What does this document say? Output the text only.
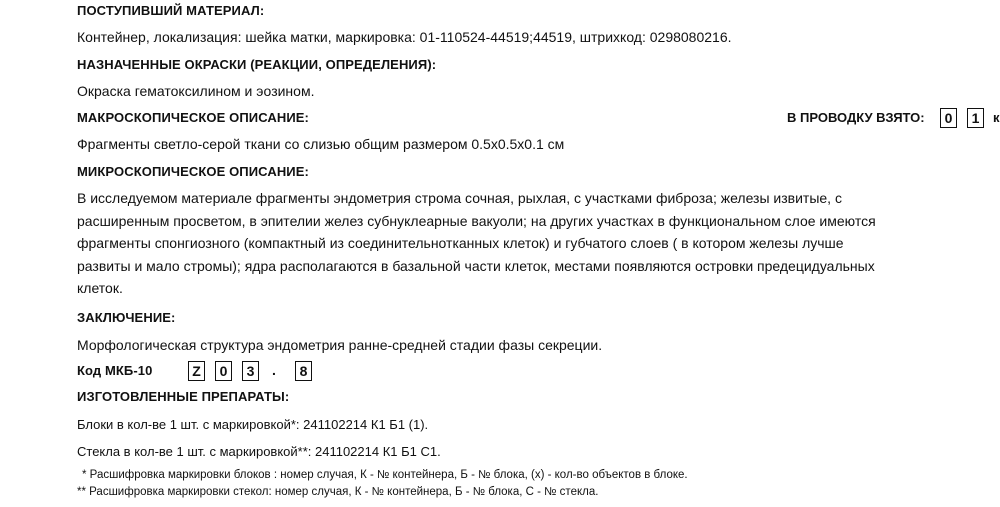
ПОСТУПИВШИЙ МАТЕРИАЛ:
Контейнер, локализация: шейка матки, маркировка: 01-110524-44519;44519, штрихкод: 0298080216.
НАЗНАЧЕННЫЕ ОКРАСКИ (РЕАКЦИИ, ОПРЕДЕЛЕНИЯ):
Окраска гематоксилином и эозином.
МАКРОСКОПИЧЕСКОЕ ОПИСАНИЕ:	В ПРОВОДКУ ВЗЯТО:	0	1	к
Фрагменты светло-серой ткани со слизью общим размером 0.5х0.5х0.1 см
МИКРОСКОПИЧЕСКОЕ ОПИСАНИЕ:
В исследуемом материале фрагменты эндометрия строма сочная, рыхлая, с участками фиброза; железы извитые, с
расширенным просветом, в эпителии желез субнуклеарные вакуоли; на других участках в функциональном слое имеются
фрагменты спонгиозного (компактный из соединительнотканных клеток) и губчатого слоев ( в котором железы лучше
развиты и мало стромы); ядра располагаются в базальной части клеток, местами появляются островки предецидуальных
клеток.
ЗАКЛЮЧЕНИЕ:
Морфологическая структура эндометрия ранне-средней стадии фазы секреции.
Код МКБ-10	Z	0	3	.	8
ИЗГОТОВЛЕННЫЕ ПРЕПАРАТЫ:
Блоки в кол-ве 1 шт. с маркировкой*: 241102214 К1 Б1 (1).
Стекла в кол-ве 1 шт. с маркировкой**: 241102214 К1 Б1 С1.
* Расшифровка маркировки блоков : номер случая, К - № контейнера, Б - № блока, (х) - кол-во объектов в блоке.
** Расшифровка маркировки стекол: номер случая, К - № контейнера, Б - № блока, С - № стекла.
